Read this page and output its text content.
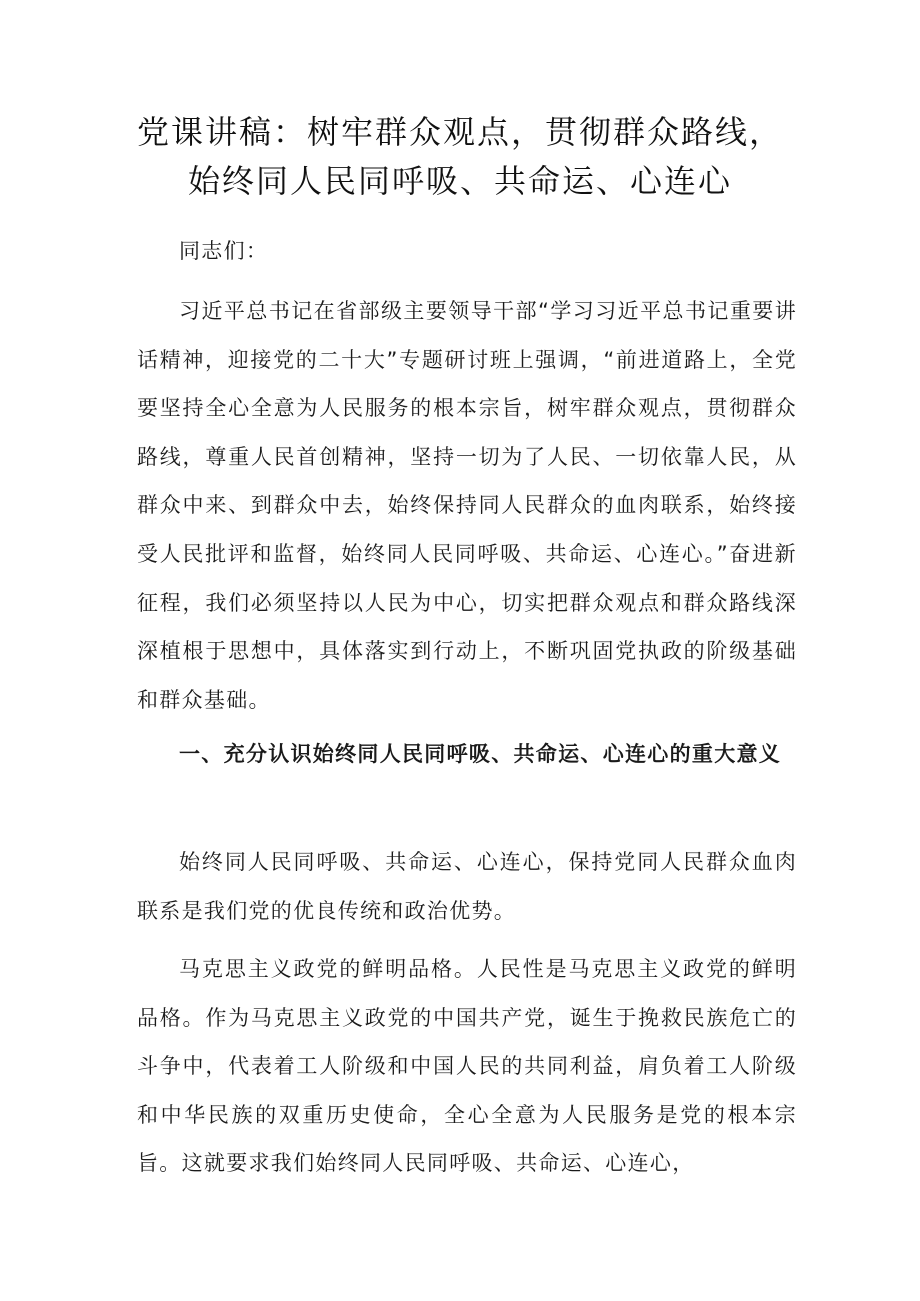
党课讲稿：树牢群众观点，贯彻群众路线，
始终同人民同呼吸、共命运、心连心

同志们：

习近平总书记在省部级主要领导干部“学习习近平总书记重要讲话精神，迎接党的二十大”专题研讨班上强调，“前进道路上，全党要坚持全心全意为人民服务的根本宗旨，树牢群众观点，贯彻群众路线，尊重人民首创精神，坚持一切为了人民、一切依靠人民，从群众中来、到群众中去，始终保持同人民群众的血肉联系，始终接受人民批评和监督，始终同人民同呼吸、共命运、心连心。”奋进新征程，我们必须坚持以人民为中心，切实把群众观点和群众路线深深植根于思想中，具体落实到行动上，不断巩固党执政的阶级基础和群众基础。

一、充分认识始终同人民同呼吸、共命运、心连心的重大意义

始终同人民同呼吸、共命运、心连心，保持党同人民群众血肉联系是我们党的优良传统和政治优势。

马克思主义政党的鲜明品格。人民性是马克思主义政党的鲜明品格。作为马克思主义政党的中国共产党，诞生于挽救民族危亡的斗争中，代表着工人阶级和中国人民的共同利益，肩负着工人阶级和中华民族的双重历史使命，全心全意为人民服务是党的根本宗旨。这就要求我们始终同人民同呼吸、共命运、心连心，
